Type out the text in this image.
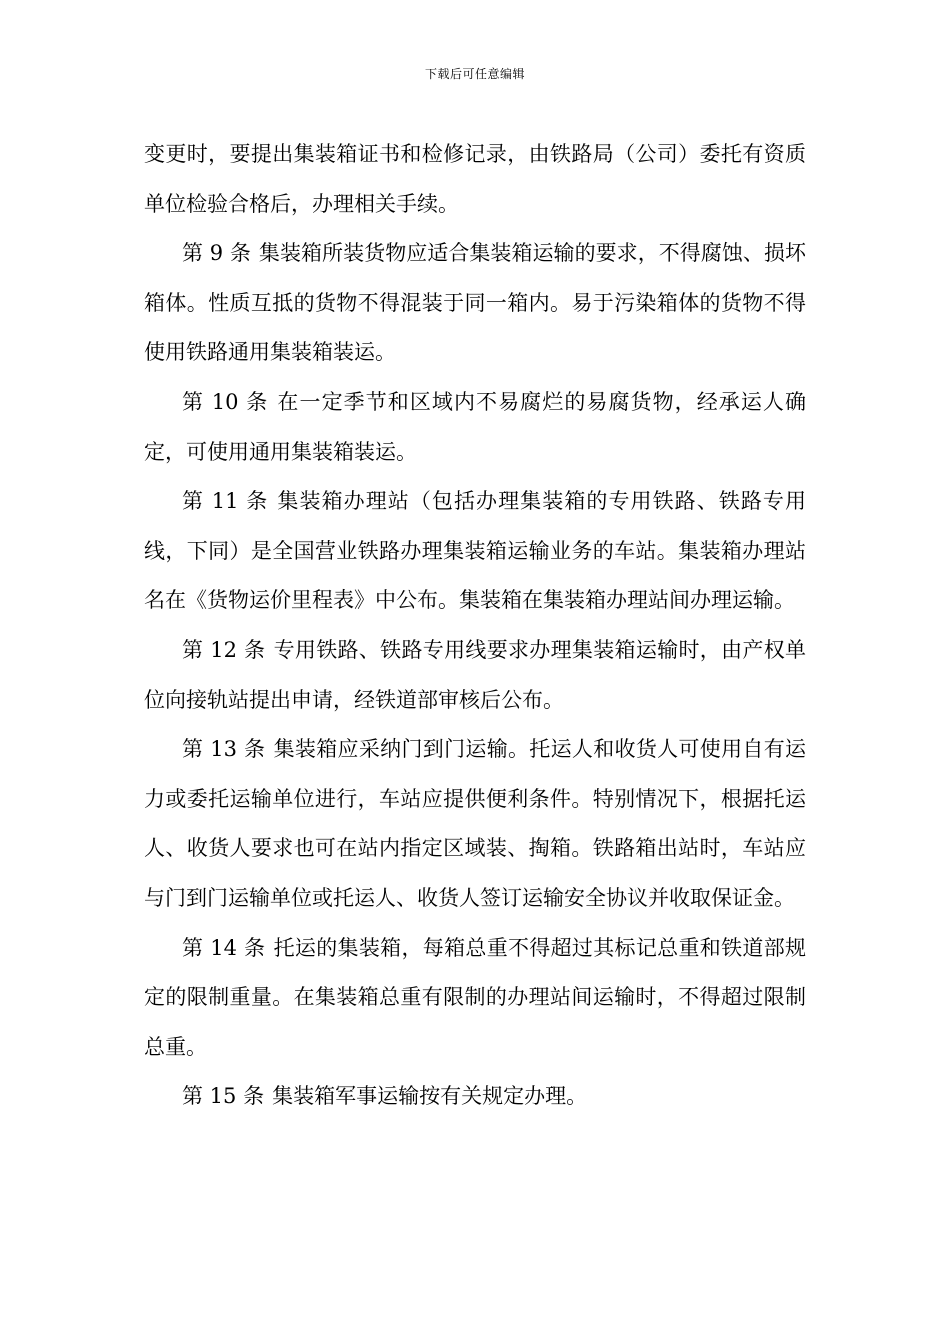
下载后可任意编辑

变更时，要提出集装箱证书和检修记录，由铁路局（公司）委托有资质单位检验合格后，办理相关手续。

第 9 条 集装箱所装货物应适合集装箱运输的要求，不得腐蚀、损坏箱体。性质互抵的货物不得混装于同一箱内。易于污染箱体的货物不得使用铁路通用集装箱装运。

第 10 条 在一定季节和区域内不易腐烂的易腐货物，经承运人确定，可使用通用集装箱装运。

第 11 条 集装箱办理站（包括办理集装箱的专用铁路、铁路专用线，下同）是全国营业铁路办理集装箱运输业务的车站。集装箱办理站名在《货物运价里程表》中公布。集装箱在集装箱办理站间办理运输。

第 12 条 专用铁路、铁路专用线要求办理集装箱运输时，由产权单位向接轨站提出申请，经铁道部审核后公布。

第 13 条 集装箱应采纳门到门运输。托运人和收货人可使用自有运力或委托运输单位进行，车站应提供便利条件。特别情况下，根据托运人、收货人要求也可在站内指定区域装、掏箱。铁路箱出站时，车站应与门到门运输单位或托运人、收货人签订运输安全协议并收取保证金。

第 14 条 托运的集装箱，每箱总重不得超过其标记总重和铁道部规定的限制重量。在集装箱总重有限制的办理站间运输时，不得超过限制总重。

第 15 条 集装箱军事运输按有关规定办理。
